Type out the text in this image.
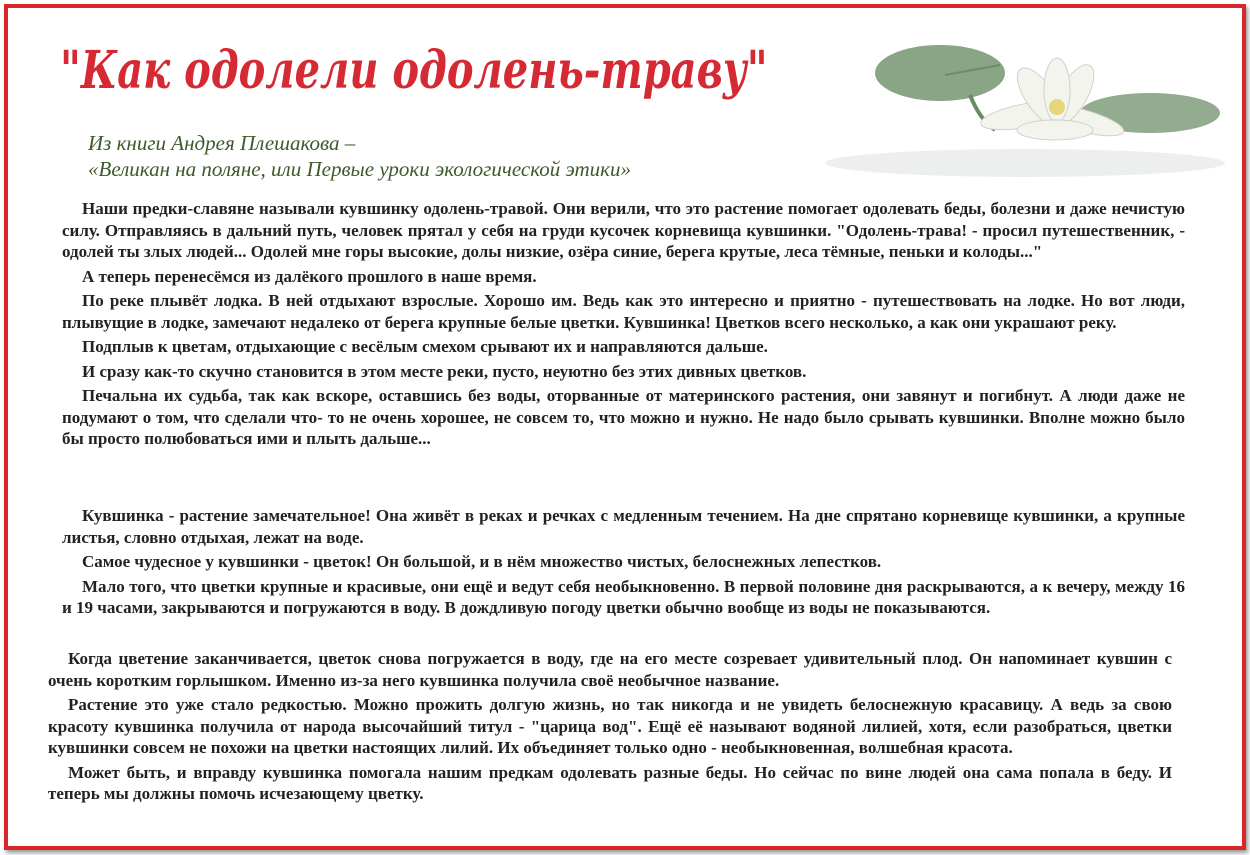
"Как одолели одолень-траву"
Из книги Андрея Плешакова –
«Великан на поляне, или Первые уроки экологической этики»

Наши предки-славяне называли кувшинку одолень-травой. Они верили, что это растение помогает одолевать беды, болезни и даже нечистую силу. Отправляясь в дальний путь, человек прятал у себя на груди кусочек корневища кувшинки. "Одолень-трава! - просил путешественник, - одолей ты злых людей... Одолей мне горы высокие, долы низкие, озёра синие, берега крутые, леса тёмные, пеньки и колоды..."

А теперь перенесёмся из далёкого прошлого в наше время.

По реке плывёт лодка. В ней отдыхают взрослые. Хорошо им. Ведь как это интересно и приятно - путешествовать на лодке. Но вот люди, плывущие в лодке, замечают недалеко от берега крупные белые цветки. Кувшинка! Цветков всего несколько, а как они украшают реку.

Подплыв к цветам, отдыхающие с весёлым смехом срывают их и направляются дальше.

И сразу как-то скучно становится в этом месте реки, пусто, неуютно без этих дивных цветков.

Печальна их судьба, так как вскоре, оставшись без воды, оторванные от материнского растения, они завянут и погибнут. А люди даже не подумают о том, что сделали что- то не очень хорошее, не совсем то, что можно и нужно. Не надо было срывать кувшинки. Вполне можно было бы просто полюбоваться ими и плыть дальше...

Кувшинка - растение замечательное! Она живёт в реках и речках с медленным течением. На дне спрятано корневище кувшинки, а крупные листья, словно отдыхая, лежат на воде.

Самое чудесное у кувшинки - цветок! Он большой, и в нём множество чистых, белоснежных лепестков.

Мало того, что цветки крупные и красивые, они ещё и ведут себя необыкновенно. В первой половине дня раскрываются, а к вечеру, между 16 и 19 часами, закрываются и погружаются в воду. В дождливую погоду цветки обычно вообще из воды не показываются.

Когда цветение заканчивается, цветок снова погружается в воду, где на его месте созревает удивительный плод. Он напоминает кувшин с очень коротким горлышком. Именно из-за него кувшинка получила своё необычное название.

Растение это уже стало редкостью. Можно прожить долгую жизнь, но так никогда и не увидеть белоснежную красавицу. А ведь за свою красоту кувшинка получила от народа высочайший титул - "царица вод". Ещё её называют водяной лилией, хотя, если разобраться, цветки кувшинки совсем не похожи на цветки настоящих лилий. Их объединяет только одно - необыкновенная, волшебная красота.

Может быть, и вправду кувшинка помогала нашим предкам одолевать разные беды. Но сейчас по вине людей она сама попала в беду. И теперь мы должны помочь исчезающему цветку.
